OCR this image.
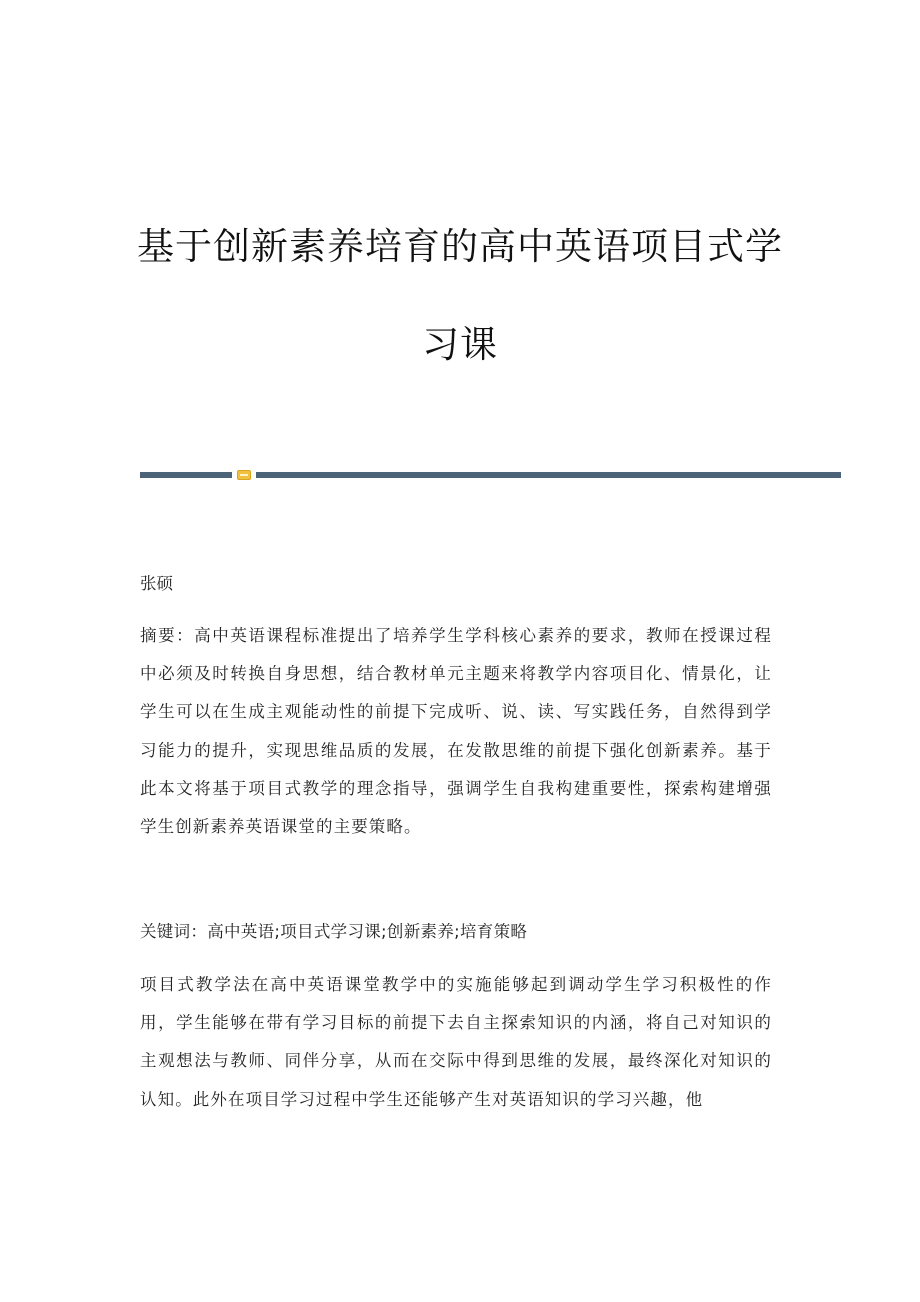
基于创新素养培育的高中英语项目式学
习课

张硕

摘要：高中英语课程标准提出了培养学生学科核心素养的要求，教师在授课过程中必须及时转换自身思想，结合教材单元主题来将教学内容项目化、情景化，让学生可以在生成主观能动性的前提下完成听、说、读、写实践任务，自然得到学习能力的提升，实现思维品质的发展，在发散思维的前提下强化创新素养。基于此本文将基于项目式教学的理念指导，强调学生自我构建重要性，探索构建增强学生创新素养英语课堂的主要策略。

关键词：高中英语;项目式学习课;创新素养;培育策略

项目式教学法在高中英语课堂教学中的实施能够起到调动学生学习积极性的作用，学生能够在带有学习目标的前提下去自主探索知识的内涵，将自己对知识的主观想法与教师、同伴分享，从而在交际中得到思维的发展，最终深化对知识的认知。此外在项目学习过程中学生还能够产生对英语知识的学习兴趣，他
